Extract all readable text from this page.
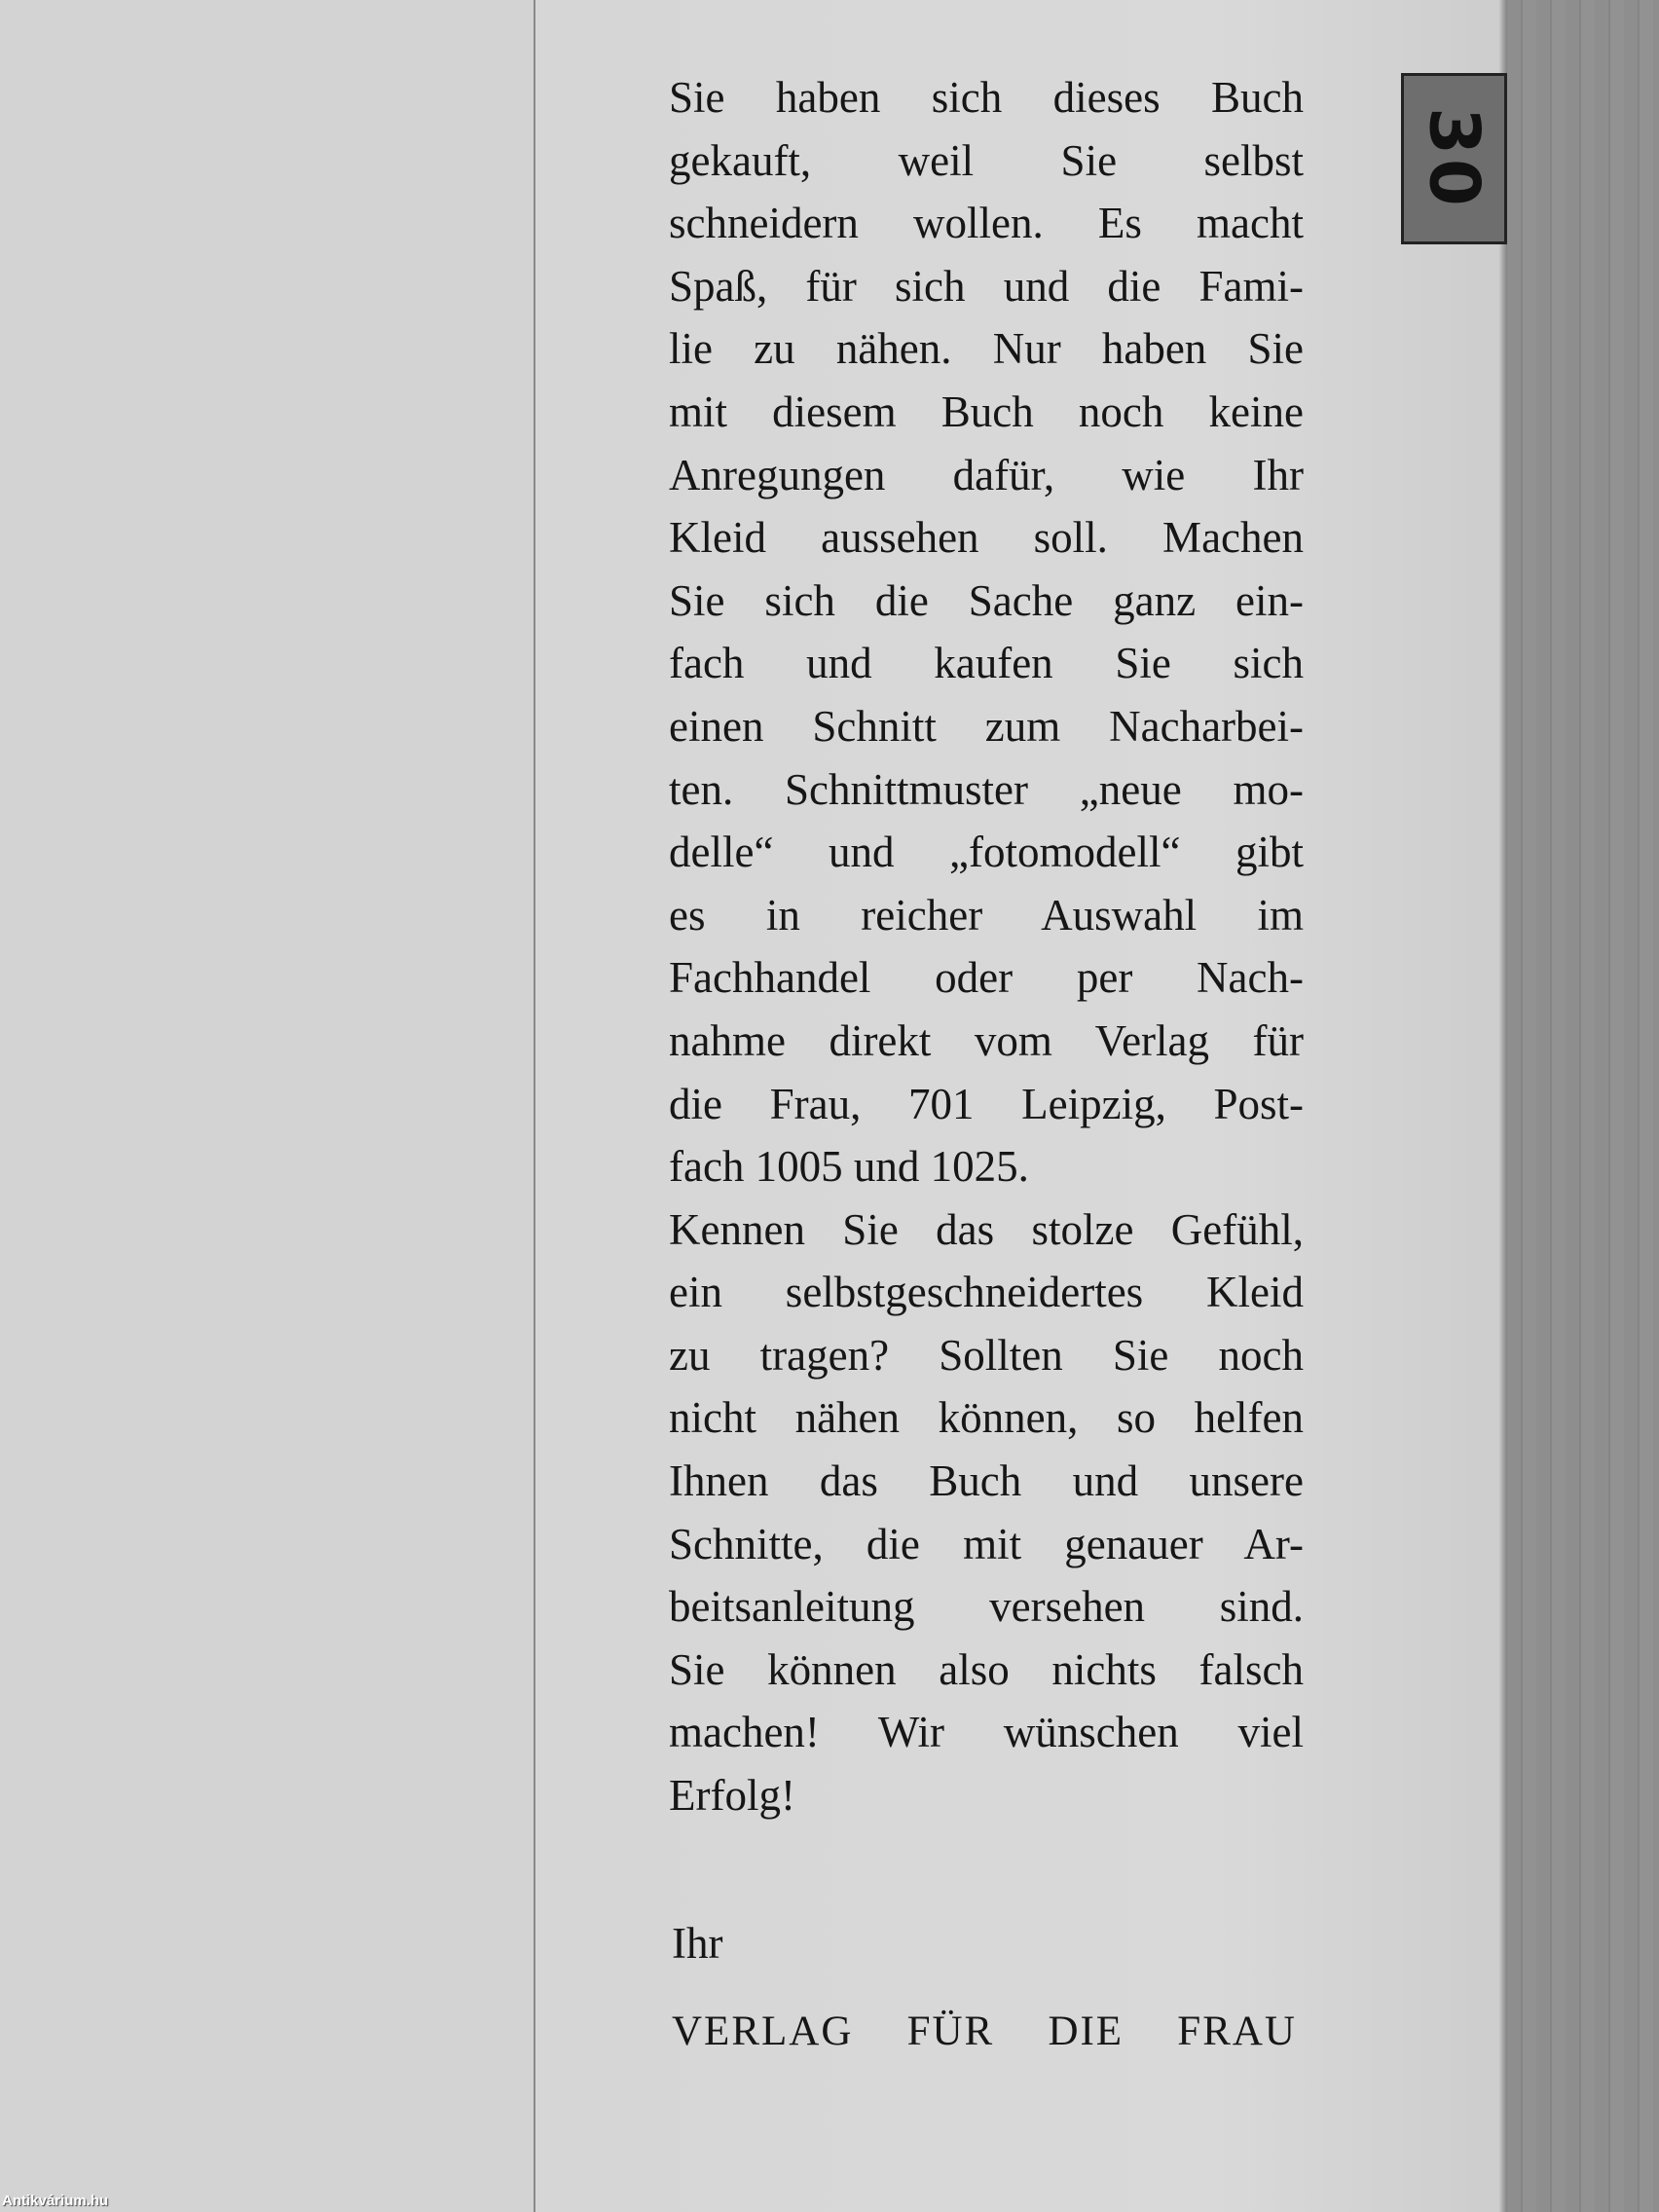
30
Sie haben sich dieses Buch
gekauft, weil Sie selbst
schneidern wollen. Es macht
Spaß, für sich und die Fami-
lie zu nähen. Nur haben Sie
mit diesem Buch noch keine
Anregungen dafür, wie Ihr
Kleid aussehen soll. Machen
Sie sich die Sache ganz ein-
fach und kaufen Sie sich
einen Schnitt zum Nacharbei-
ten. Schnittmuster „neue mo-
delle“ und „fotomodell“ gibt
es in reicher Auswahl im
Fachhandel oder per Nach-
nahme direkt vom Verlag für
die Frau, 701 Leipzig, Post-
fach 1005 und 1025.
Kennen Sie das stolze Gefühl,
ein selbstgeschneidertes Kleid
zu tragen? Sollten Sie noch
nicht nähen können, so helfen
Ihnen das Buch und unsere
Schnitte, die mit genauer Ar-
beitsanleitung versehen sind.
Sie können also nichts falsch
machen! Wir wünschen viel
Erfolg!
Ihr
VERLAG FÜR DIE FRAU
Antikvárium.hu
